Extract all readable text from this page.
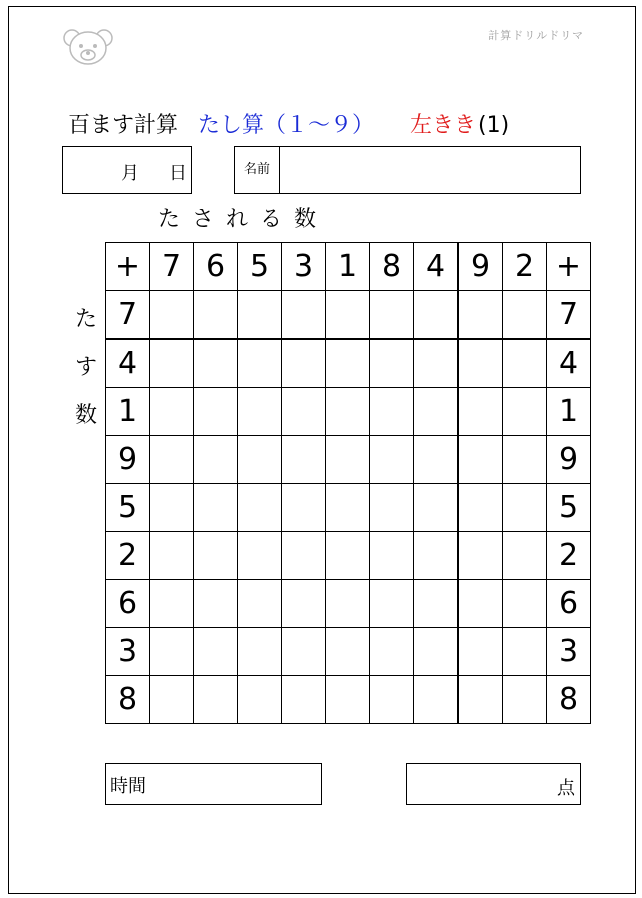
計算ドリルドリマ
百ます計算 たし算（１～９） 左きき(1)
月 日	名前
たされる数
た
す
数
+	7	6	5	3	1	8	4	9	2	+
7										7
4										4
1										1
9										9
5										5
2										2
6										6
3										3
8										8
時間	点
